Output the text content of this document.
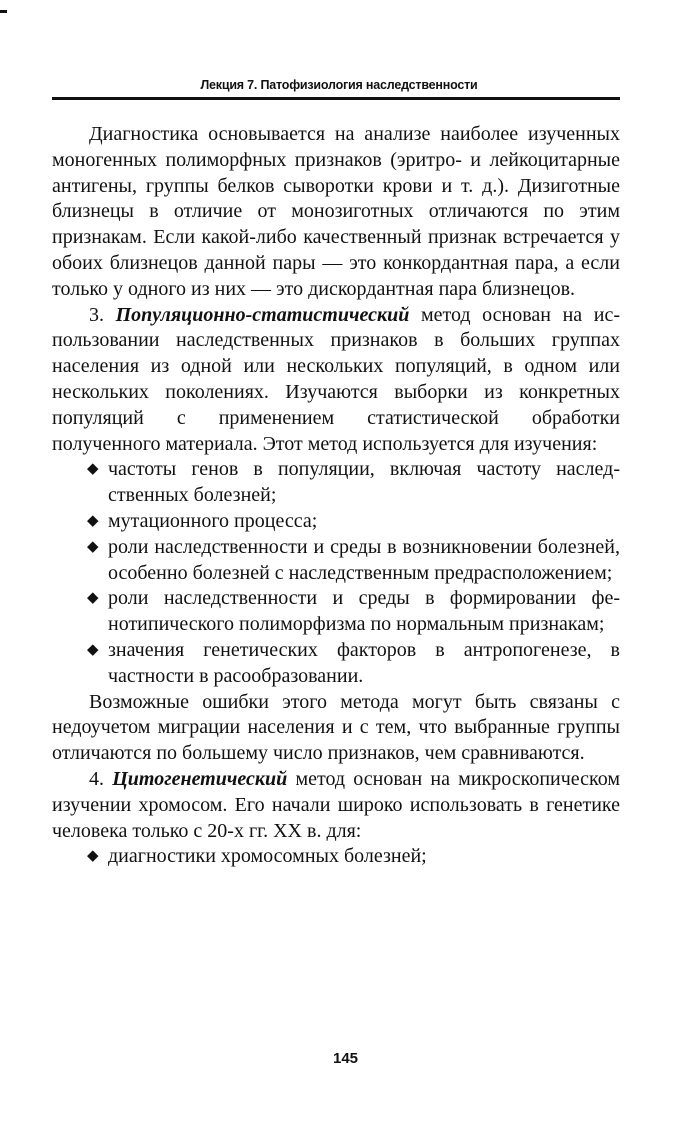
Лекция 7. Патофизиология наследственности

Диагностика основывается на анализе наиболее изученных моногенных полиморфных признаков (эритро- и лейкоцитарные антигены, группы белков сыворотки крови и т. д.). Дизиготные близнецы в отличие от монозиготных отличаются по этим признакам. Если какой-либо качественный признак встречается у обоих близнецов данной пары — это конкордантная пара, а если только у одного из них — это дискордантная пара близнецов.

3. Популяционно-статистический метод основан на использовании наследственных признаков в больших группах населения из одной или нескольких популяций, в одном или нескольких поколениях. Изучаются выборки из конкретных популяций с применением статистической обработки полученного материала. Этот метод используется для изучения:

◆ частоты генов в популяции, включая частоту наследственных болезней;
◆ мутационного процесса;
◆ роли наследственности и среды в возникновении болезней, особенно болезней с наследственным предрасположением;
◆ роли наследственности и среды в формировании фенотипического полиморфизма по нормальным признакам;
◆ значения генетических факторов в антропогенезе, в частности в расообразовании.

Возможные ошибки этого метода могут быть связаны с недоучетом миграции населения и с тем, что выбранные группы отличаются по большему число признаков, чем сравниваются.

4. Цитогенетический метод основан на микроскопическом изучении хромосом. Его начали широко использовать в генетике человека только с 20-х гг. XX в. для:

◆ диагностики хромосомных болезней;
145
